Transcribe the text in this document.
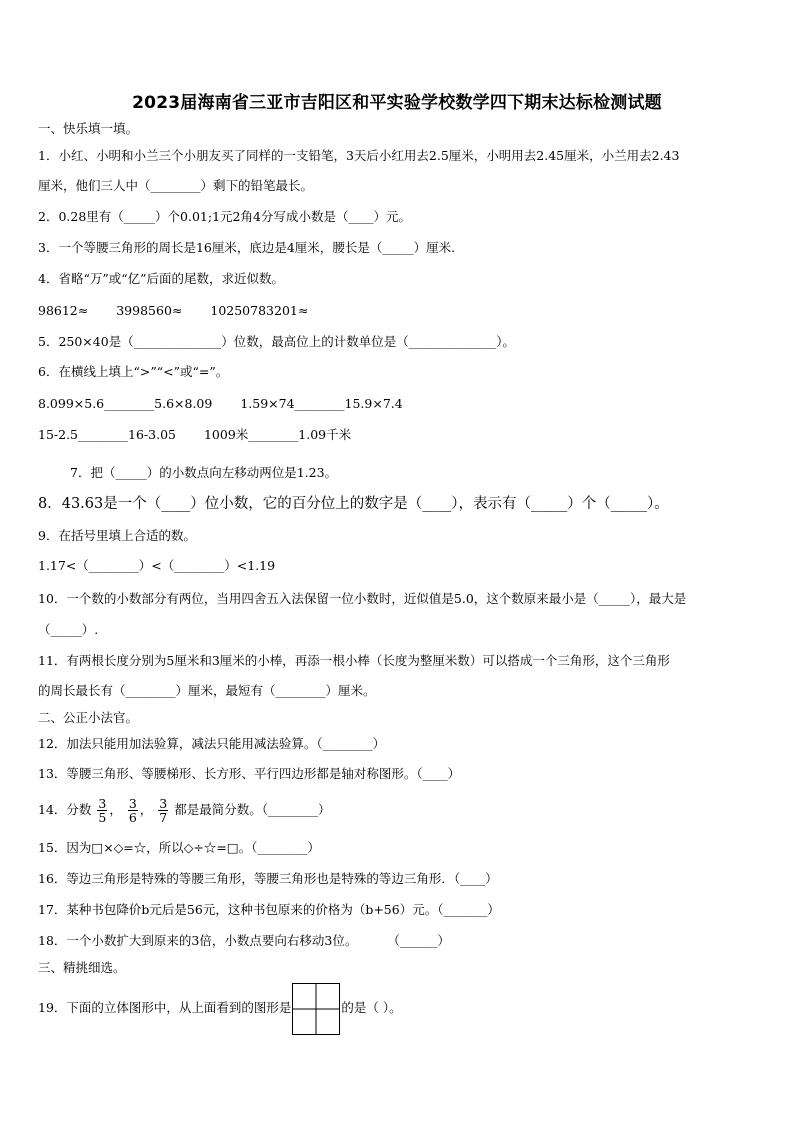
2023届海南省三亚市吉阳区和平实验学校数学四下期末达标检测试题
一、快乐填一填。
1．小红、小明和小兰三个小朋友买了同样的一支铅笔，3天后小红用去2.5厘米，小明用去2.45厘米，小兰用去2.43
厘米，他们三人中（________）剩下的铅笔最长。
2．0.28里有（_____）个0.01;1元2角4分写成小数是（____）元。
3．一个等腰三角形的周长是16厘米，底边是4厘米，腰长是（_____）厘米.
4．省略“万”或“亿”后面的尾数，求近似数。
98612≈ 3998560≈ 10250783201≈
5．250×40是（______________）位数，最高位上的计数单位是（______________）。
6．在横线上填上“>”“<”或“=”。
8.099×5.6________5.6×8.09 1.59×74________15.9×7.4
15-2.5________16-3.05 1009米________1.09千米
7．把（_____）的小数点向左移动两位是1.23。
8．43.63是一个（____）位小数，它的百分位上的数字是（____），表示有（_____）个（_____）。
9．在括号里填上合适的数。
1.17<（________）<（________）<1.19
10．一个数的小数部分有两位，当用四舍五入法保留一位小数时，近似值是5.0，这个数原来最小是（_____），最大是
（_____）.
11．有两根长度分别为5厘米和3厘米的小棒，再添一根小棒（长度为整厘米数）可以搭成一个三角形，这个三角形
的周长最长有（________）厘米，最短有（________）厘米。
二、公正小法官。
12．加法只能用加法验算，减法只能用减法验算。（________）
13．等腰三角形、等腰梯形、长方形、平行四边形都是轴对称图形。（____）
14．分数 $\frac{3}{5}$ ， $\frac{3}{6}$ ， $\frac{3}{7}$ 都是最简分数。（________）
15．因为□×◇=☆，所以◇÷☆=□。（________）
16．等边三角形是特殊的等腰三角形，等腰三角形也是特殊的等边三角形．（____）
17．某种书包降价b元后是56元，这种书包原来的价格为（b+56）元。（_______）
18．一个小数扩大到原来的3倍，小数点要向右移动3位。 （______）
三、精挑细选。
19．下面的立体图形中，从上面看到的图形是	的是（ ）。
